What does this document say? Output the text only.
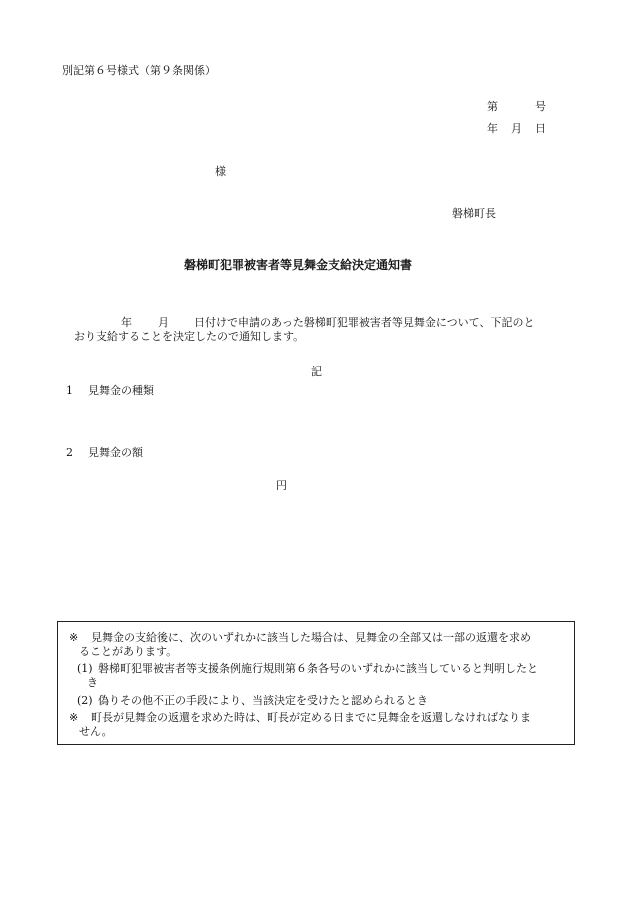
別記第６号様式（第９条関係）
第	号
年 月 日
様
磐梯町長
磐梯町犯罪被害者等見舞金支給決定通知書
年 月 日付けで申請のあった磐梯町犯罪被害者等見舞金について、下記のと
おり支給することを決定したので通知します。
記
1 見舞金の種類
2 見舞金の額
円
※ 見舞金の支給後に、次のいずれかに該当した場合は、見舞金の全部又は一部の返還を求め
ることがあります。
(1) 磐梯町犯罪被害者等支援条例施行規則第６条各号のいずれかに該当していると判明したと
き
(2) 偽りその他不正の手段により、当該決定を受けたと認められるとき
※ 町長が見舞金の返還を求めた時は、町長が定める日までに見舞金を返還しなければなりま
せん。
